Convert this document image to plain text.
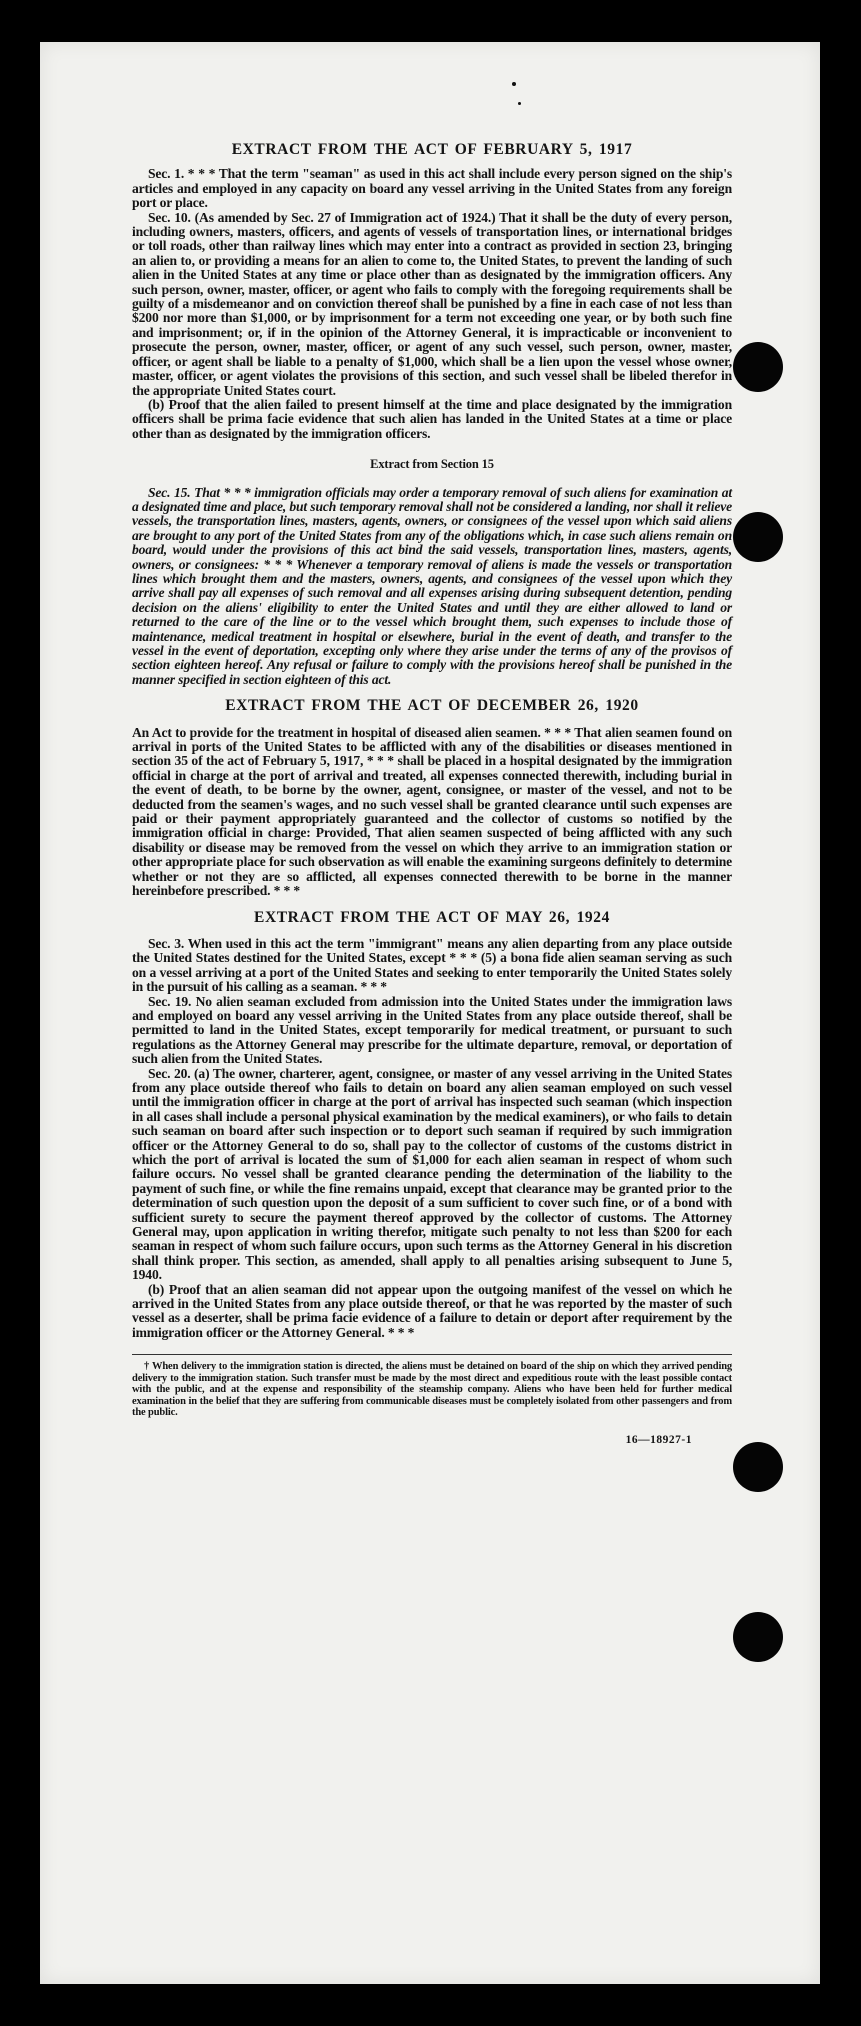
EXTRACT FROM THE ACT OF FEBRUARY 5, 1917

Sec. 1. * * * That the term "seaman" as used in this act shall include every person signed on the ship's articles and employed in any capacity on board any vessel arriving in the United States from any foreign port or place.

Sec. 10. (As amended by Sec. 27 of Immigration act of 1924.) That it shall be the duty of every person, including owners, masters, officers, and agents of vessels of transportation lines, or international bridges or toll roads, other than railway lines which may enter into a contract as provided in section 23, bringing an alien to, or providing a means for an alien to come to, the United States, to prevent the landing of such alien in the United States at any time or place other than as designated by the immigration officers. Any such person, owner, master, officer, or agent who fails to comply with the foregoing requirements shall be guilty of a misdemeanor and on conviction thereof shall be punished by a fine in each case of not less than $200 nor more than $1,000, or by imprisonment for a term not exceeding one year, or by both such fine and imprisonment; or, if in the opinion of the Attorney General, it is impracticable or inconvenient to prosecute the person, owner, master, officer, or agent of any such vessel, such person, owner, master, officer, or agent shall be liable to a penalty of $1,000, which shall be a lien upon the vessel whose owner, master, officer, or agent violates the provisions of this section, and such vessel shall be libeled therefor in the appropriate United States court.

(b) Proof that the alien failed to present himself at the time and place designated by the immigration officers shall be prima facie evidence that such alien has landed in the United States at a time or place other than as designated by the immigration officers.

Extract from Section 15

Sec. 15. That * * * immigration officials may order a temporary removal of such aliens for examination at a designated time and place, but such temporary removal shall not be considered a landing, nor shall it relieve vessels, the transportation lines, masters, agents, owners, or consignees of the vessel upon which said aliens are brought to any port of the United States from any of the obligations which, in case such aliens remain on board, would under the provisions of this act bind the said vessels, transportation lines, masters, agents, owners, or consignees: * * * Whenever a temporary removal of aliens is made the vessels or transportation lines which brought them and the masters, owners, agents, and consignees of the vessel upon which they arrive shall pay all expenses of such removal and all expenses arising during subsequent detention, pending decision on the aliens' eligibility to enter the United States and until they are either allowed to land or returned to the care of the line or to the vessel which brought them, such expenses to include those of maintenance, medical treatment in hospital or elsewhere, burial in the event of death, and transfer to the vessel in the event of deportation, excepting only where they arise under the terms of any of the provisos of section eighteen hereof. Any refusal or failure to comply with the provisions hereof shall be punished in the manner specified in section eighteen of this act.

EXTRACT FROM THE ACT OF DECEMBER 26, 1920

An Act to provide for the treatment in hospital of diseased alien seamen. * * * That alien seamen found on arrival in ports of the United States to be afflicted with any of the disabilities or diseases mentioned in section 35 of the act of February 5, 1917, * * * shall be placed in a hospital designated by the immigration official in charge at the port of arrival and treated, all expenses connected therewith, including burial in the event of death, to be borne by the owner, agent, consignee, or master of the vessel, and not to be deducted from the seamen's wages, and no such vessel shall be granted clearance until such expenses are paid or their payment appropriately guaranteed and the collector of customs so notified by the immigration official in charge: Provided, That alien seamen suspected of being afflicted with any such disability or disease may be removed from the vessel on which they arrive to an immigration station or other appropriate place for such observation as will enable the examining surgeons definitely to determine whether or not they are so afflicted, all expenses connected therewith to be borne in the manner hereinbefore prescribed. * * *

EXTRACT FROM THE ACT OF MAY 26, 1924

Sec. 3. When used in this act the term "immigrant" means any alien departing from any place outside the United States destined for the United States, except * * * (5) a bona fide alien seaman serving as such on a vessel arriving at a port of the United States and seeking to enter temporarily the United States solely in the pursuit of his calling as a seaman. * * *

Sec. 19. No alien seaman excluded from admission into the United States under the immigration laws and employed on board any vessel arriving in the United States from any place outside thereof, shall be permitted to land in the United States, except temporarily for medical treatment, or pursuant to such regulations as the Attorney General may prescribe for the ultimate departure, removal, or deportation of such alien from the United States.

Sec. 20. (a) The owner, charterer, agent, consignee, or master of any vessel arriving in the United States from any place outside thereof who fails to detain on board any alien seaman employed on such vessel until the immigration officer in charge at the port of arrival has inspected such seaman (which inspection in all cases shall include a personal physical examination by the medical examiners), or who fails to detain such seaman on board after such inspection or to deport such seaman if required by such immigration officer or the Attorney General to do so, shall pay to the collector of customs of the customs district in which the port of arrival is located the sum of $1,000 for each alien seaman in respect of whom such failure occurs. No vessel shall be granted clearance pending the determination of the liability to the payment of such fine, or while the fine remains unpaid, except that clearance may be granted prior to the determination of such question upon the deposit of a sum sufficient to cover such fine, or of a bond with sufficient surety to secure the payment thereof approved by the collector of customs. The Attorney General may, upon application in writing therefor, mitigate such penalty to not less than $200 for each seaman in respect of whom such failure occurs, upon such terms as the Attorney General in his discretion shall think proper. This section, as amended, shall apply to all penalties arising subsequent to June 5, 1940.

(b) Proof that an alien seaman did not appear upon the outgoing manifest of the vessel on which he arrived in the United States from any place outside thereof, or that he was reported by the master of such vessel as a deserter, shall be prima facie evidence of a failure to detain or deport after requirement by the immigration officer or the Attorney General. * * *

† When delivery to the immigration station is directed, the aliens must be detained on board of the ship on which they arrived pending delivery to the immigration station. Such transfer must be made by the most direct and expeditious route with the least possible contact with the public, and at the expense and responsibility of the steamship company. Aliens who have been held for further medical examination in the belief that they are suffering from communicable diseases must be completely isolated from other passengers and from the public.

16—18927-1
